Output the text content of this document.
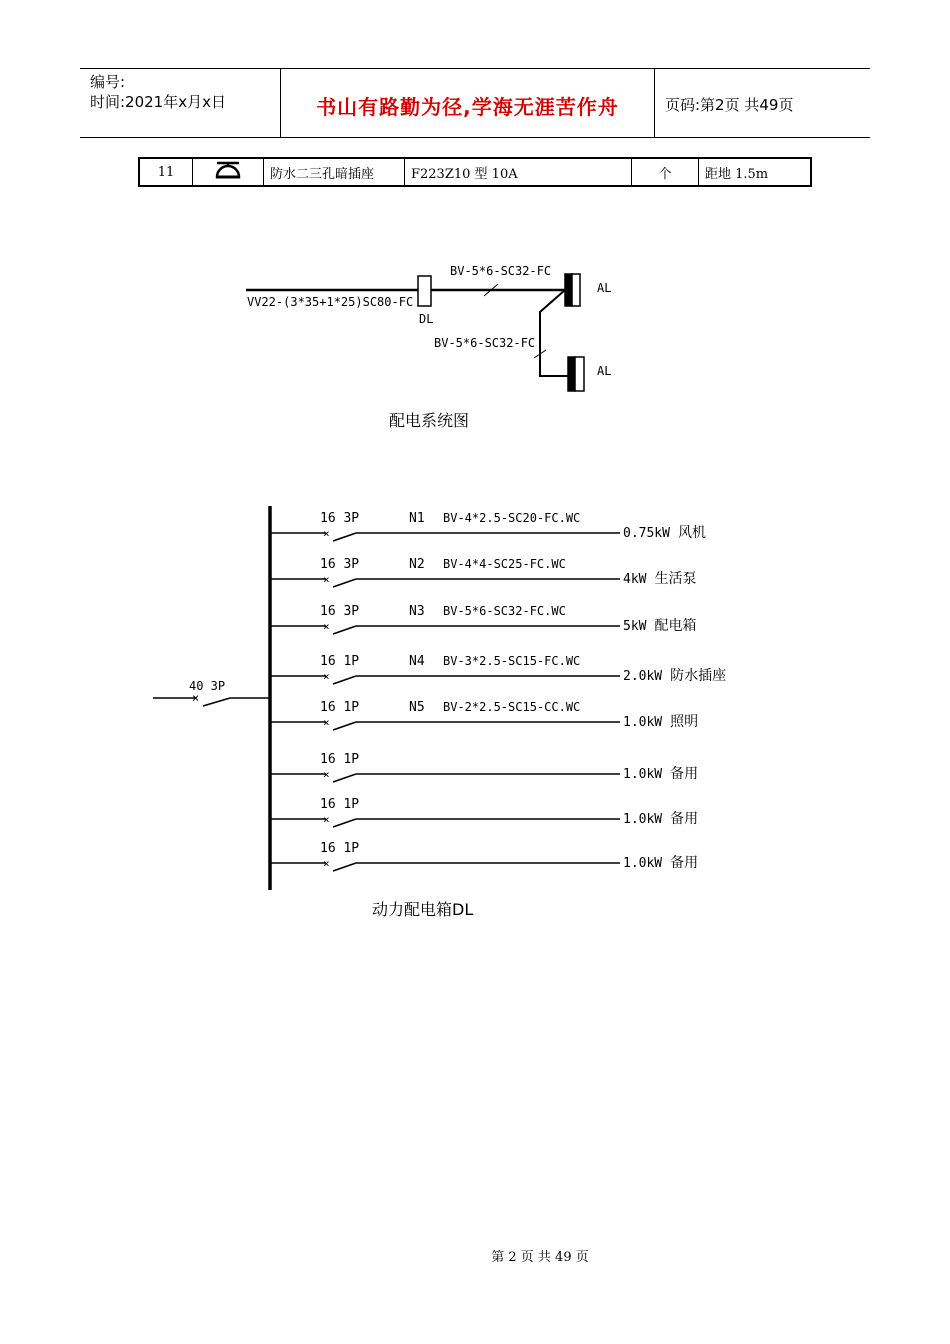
编号:
时间:2021年x月x日	书山有路勤为径,学海无涯苦作舟	页码:第2页 共49页
11		防水二三孔暗插座	F223Z10 型 10A	个	距地 1.5m
VV22-(3*35+1*25)SC80-FC
DL
BV-5*6-SC32-FC
BV-5*6-SC32-FC
AL
AL
配电系统图
×
40 3P
×
16 3P	N1 BV-4*2.5-SC20-FC.WC
0.75kW 风机
×
16 3P	N2 BV-4*4-SC25-FC.WC
4kW 生活泵
×
16 3P	N3 BV-5*6-SC32-FC.WC
5kW 配电箱
×
16 1P	N4 BV-3*2.5-SC15-FC.WC
2.0kW 防水插座
×
16 1P	N5 BV-2*2.5-SC15-CC.WC
1.0kW 照明
×
16 1P
1.0kW 备用
×
16 1P
1.0kW 备用
×
16 1P
1.0kW 备用
动力配电箱DL
第 2 页 共 49 页
